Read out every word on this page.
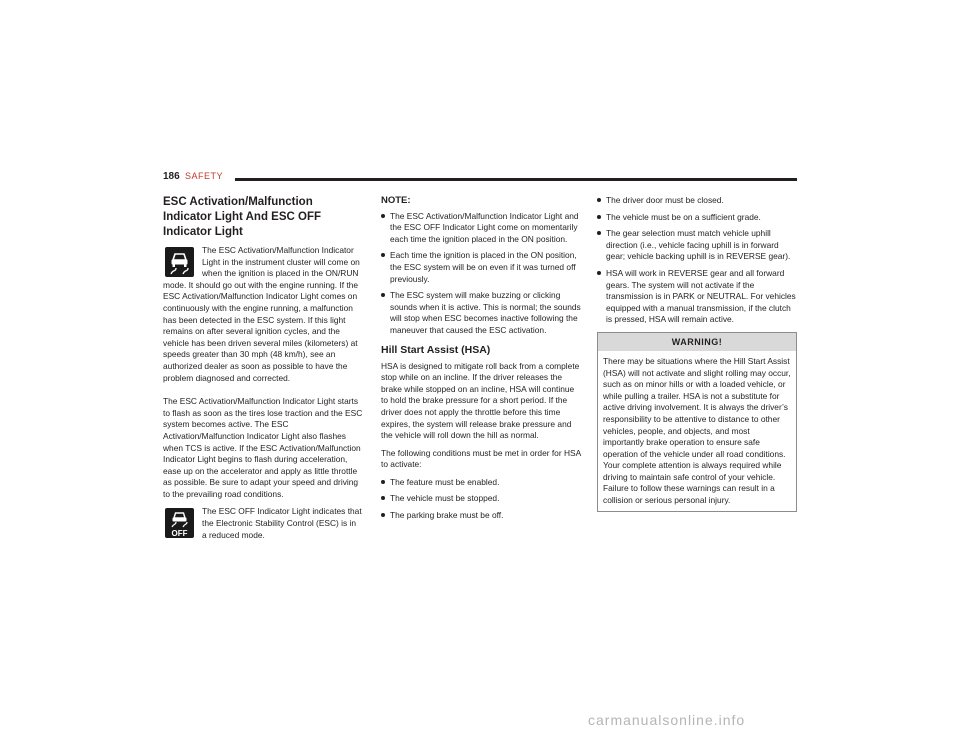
186 SAFETY
ESC Activation/Malfunction Indicator Light And ESC OFF Indicator Light

The ESC Activation/Malfunction Indicator Light in the instrument cluster will come on when the ignition is placed in the ON/RUN mode. It should go out with the engine running. If the ESC Activation/Malfunction Indicator Light comes on continuously with the engine running, a malfunction has been detected in the ESC system. If this light remains on after several ignition cycles, and the vehicle has been driven several miles (kilometers) at speeds greater than 30 mph (48 km/h), see an authorized dealer as soon as possible to have the problem diagnosed and corrected.

The ESC Activation/Malfunction Indicator Light starts to flash as soon as the tires lose traction and the ESC system becomes active. The ESC Activation/Malfunction Indicator Light also flashes when TCS is active. If the ESC Activation/Malfunction Indicator Light begins to flash during acceleration, ease up on the accelerator and apply as little throttle as possible. Be sure to adapt your speed and driving to the prevailing road conditions.

OFF

The ESC OFF Indicator Light indicates that the Electronic Stability Control (ESC) is in a reduced mode.

NOTE:
The ESC Activation/Malfunction Indicator Light and the ESC OFF Indicator Light come on momentarily each time the ignition placed in the ON position.
Each time the ignition is placed in the ON position, the ESC system will be on even if it was turned off previously.
The ESC system will make buzzing or clicking sounds when it is active. This is normal; the sounds will stop when ESC becomes inactive following the maneuver that caused the ESC activation.
Hill Start Assist (HSA)

HSA is designed to mitigate roll back from a complete stop while on an incline. If the driver releases the brake while stopped on an incline, HSA will continue to hold the brake pressure for a short period. If the driver does not apply the throttle before this time expires, the system will release brake pressure and the vehicle will roll down the hill as normal.

The following conditions must be met in order for HSA to activate:

The feature must be enabled.
The vehicle must be stopped.
The parking brake must be off.
The driver door must be closed.
The vehicle must be on a sufficient grade.
The gear selection must match vehicle uphill direction (i.e., vehicle facing uphill is in forward gear; vehicle backing uphill is in REVERSE gear).
HSA will work in REVERSE gear and all forward gears. The system will not activate if the transmission is in PARK or NEUTRAL. For vehicles equipped with a manual transmission, if the clutch is pressed, HSA will remain active.
WARNING!
There may be situations where the Hill Start Assist (HSA) will not activate and slight rolling may occur, such as on minor hills or with a loaded vehicle, or while pulling a trailer. HSA is not a substitute for active driving involvement. It is always the driver’s responsibility to be attentive to distance to other vehicles, people, and objects, and most importantly brake operation to ensure safe operation of the vehicle under all road conditions. Your complete attention is always required while driving to maintain safe control of your vehicle. Failure to follow these warnings can result in a collision or serious personal injury.
carmanualsonline.info
